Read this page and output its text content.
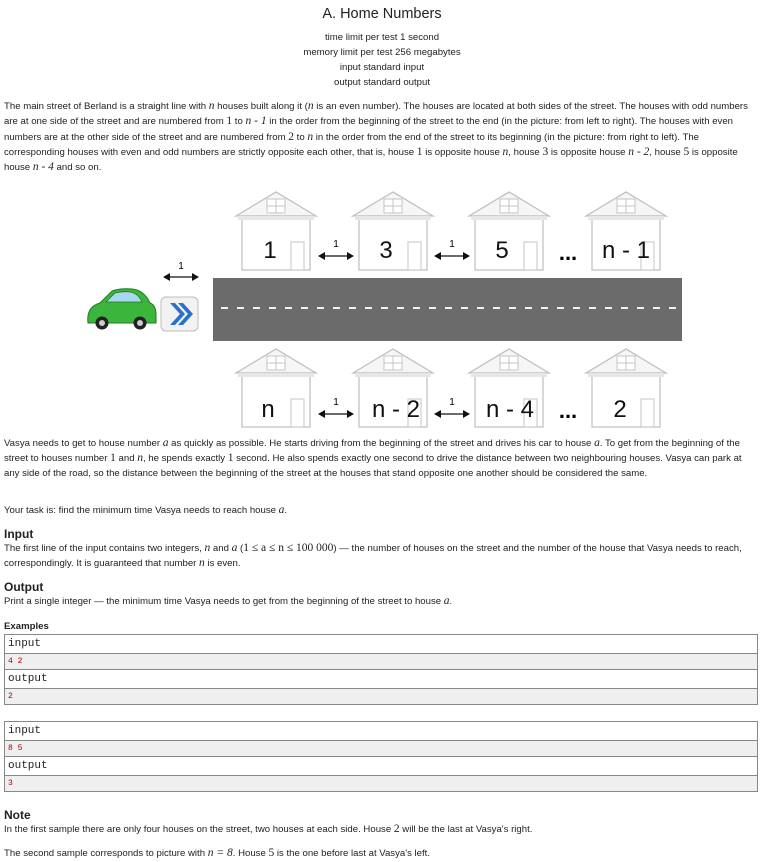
A. Home Numbers
time limit per test 1 second
memory limit per test 256 megabytes
input standard input
output standard output
The main street of Berland is a straight line with n houses built along it (n is an even number). The houses are located at both sides of the street. The houses with odd numbers are at one side of the street and are numbered from 1 to n - 1 in the order from the beginning of the street to the end (in the picture: from left to right). The houses with even numbers are at the other side of the street and are numbered from 2 to n in the order from the end of the street to its beginning (in the picture: from right to left). The corresponding houses with even and odd numbers are strictly opposite each other, that is, house 1 is opposite house n, house 3 is opposite house n - 2, house 5 is opposite house n - 4 and so on.
1	3	5	n - 1
1	1	...
1
n	n - 2	n - 4	2
1	1	...
Vasya needs to get to house number a as quickly as possible. He starts driving from the beginning of the street and drives his car to house a. To get from the beginning of the street to houses number 1 and n, he spends exactly 1 second. He also spends exactly one second to drive the distance between two neighbouring houses. Vasya can park at any side of the road, so the distance between the beginning of the street at the houses that stand opposite one another should be considered the same.
Your task is: find the minimum time Vasya needs to reach house a.
Input
The first line of the input contains two integers, n and a (1 ≤ a ≤ n ≤ 100 000) — the number of houses on the street and the number of the house that Vasya needs to reach, correspondingly. It is guaranteed that number n is even.
Output
Print a single integer — the minimum time Vasya needs to get from the beginning of the street to house a.
Examples
input
4 2
output
2
input
8 5
output
3
Note
In the first sample there are only four houses on the street, two houses at each side. House 2 will be the last at Vasya's right.
The second sample corresponds to picture with n = 8. House 5 is the one before last at Vasya's left.
